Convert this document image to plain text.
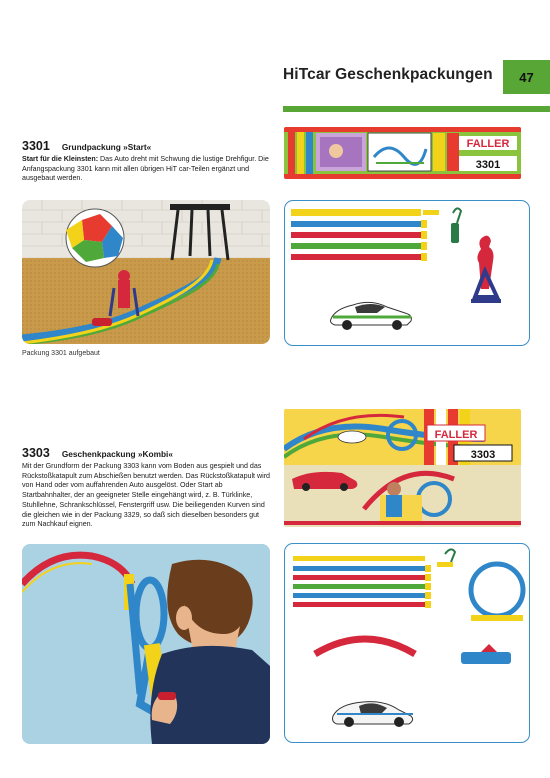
HiTcar Geschenkpackungen	47
3301 Grundpackung »Start«
Start für die Kleinsten: Das Auto dreht mit Schwung die lustige Drehfigur. Die Anfangspackung 3301 kann mit allen übrigen HiT car-Teilen ergänzt und ausgebaut werden.
FALLER
3301
Packung 3301 aufgebaut
FALLER
3303
3303 Geschenkpackung »Kombi«
Mit der Grundform der Packung 3303 kann vom Boden aus gespielt und das Rückstoßkatapult zum Abschießen benutzt werden. Das Rückstoßkatapult wird von Hand oder vom auffahrenden Auto ausgelöst. Oder Start ab Startbahnhalter, der an geeigneter Stelle eingehängt wird, z. B. Türklinke, Stuhllehne, Schrankschlüssel, Fenstergriff usw. Die beiliegenden Kurven sind die gleichen wie in der Packung 3329, so daß sich dieselben besonders gut zum Nachkauf eignen.
